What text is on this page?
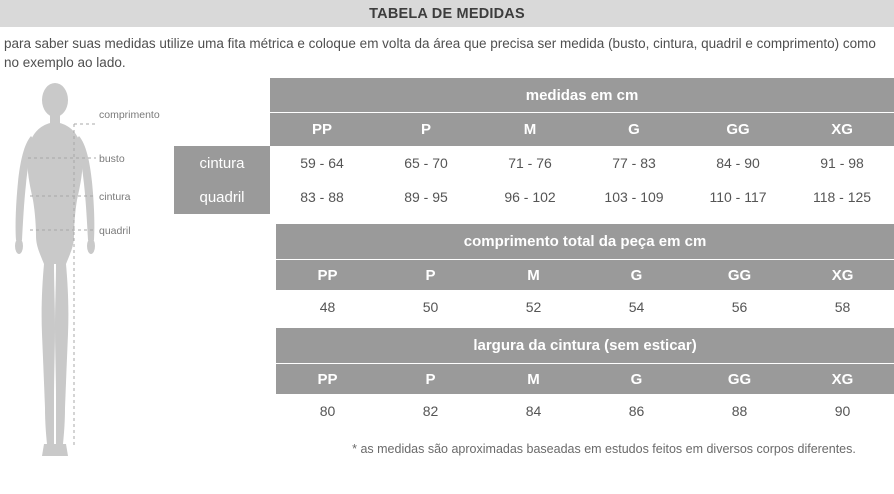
TABELA DE MEDIDAS
para saber suas medidas utilize uma fita métrica e coloque em volta da área que precisa ser medida (busto, cintura, quadril e comprimento) como no exemplo ao lado.
comprimento
busto
cintura
quadril
	medidas em cm					
	PP	P	M	G	GG	XG
cintura	59 - 64	65 - 70	71 - 76	77 - 83	84 - 90	91 - 98
quadril	83 - 88	89 - 95	96 - 102	103 - 109	110 - 117	118 - 125
comprimento total da peça em cm					
PP	P	M	G	GG	XG
48	50	52	54	56	58
largura da cintura (sem esticar)					
PP	P	M	G	GG	XG
80	82	84	86	88	90
* as medidas são aproximadas baseadas em estudos feitos em diversos corpos diferentes.
